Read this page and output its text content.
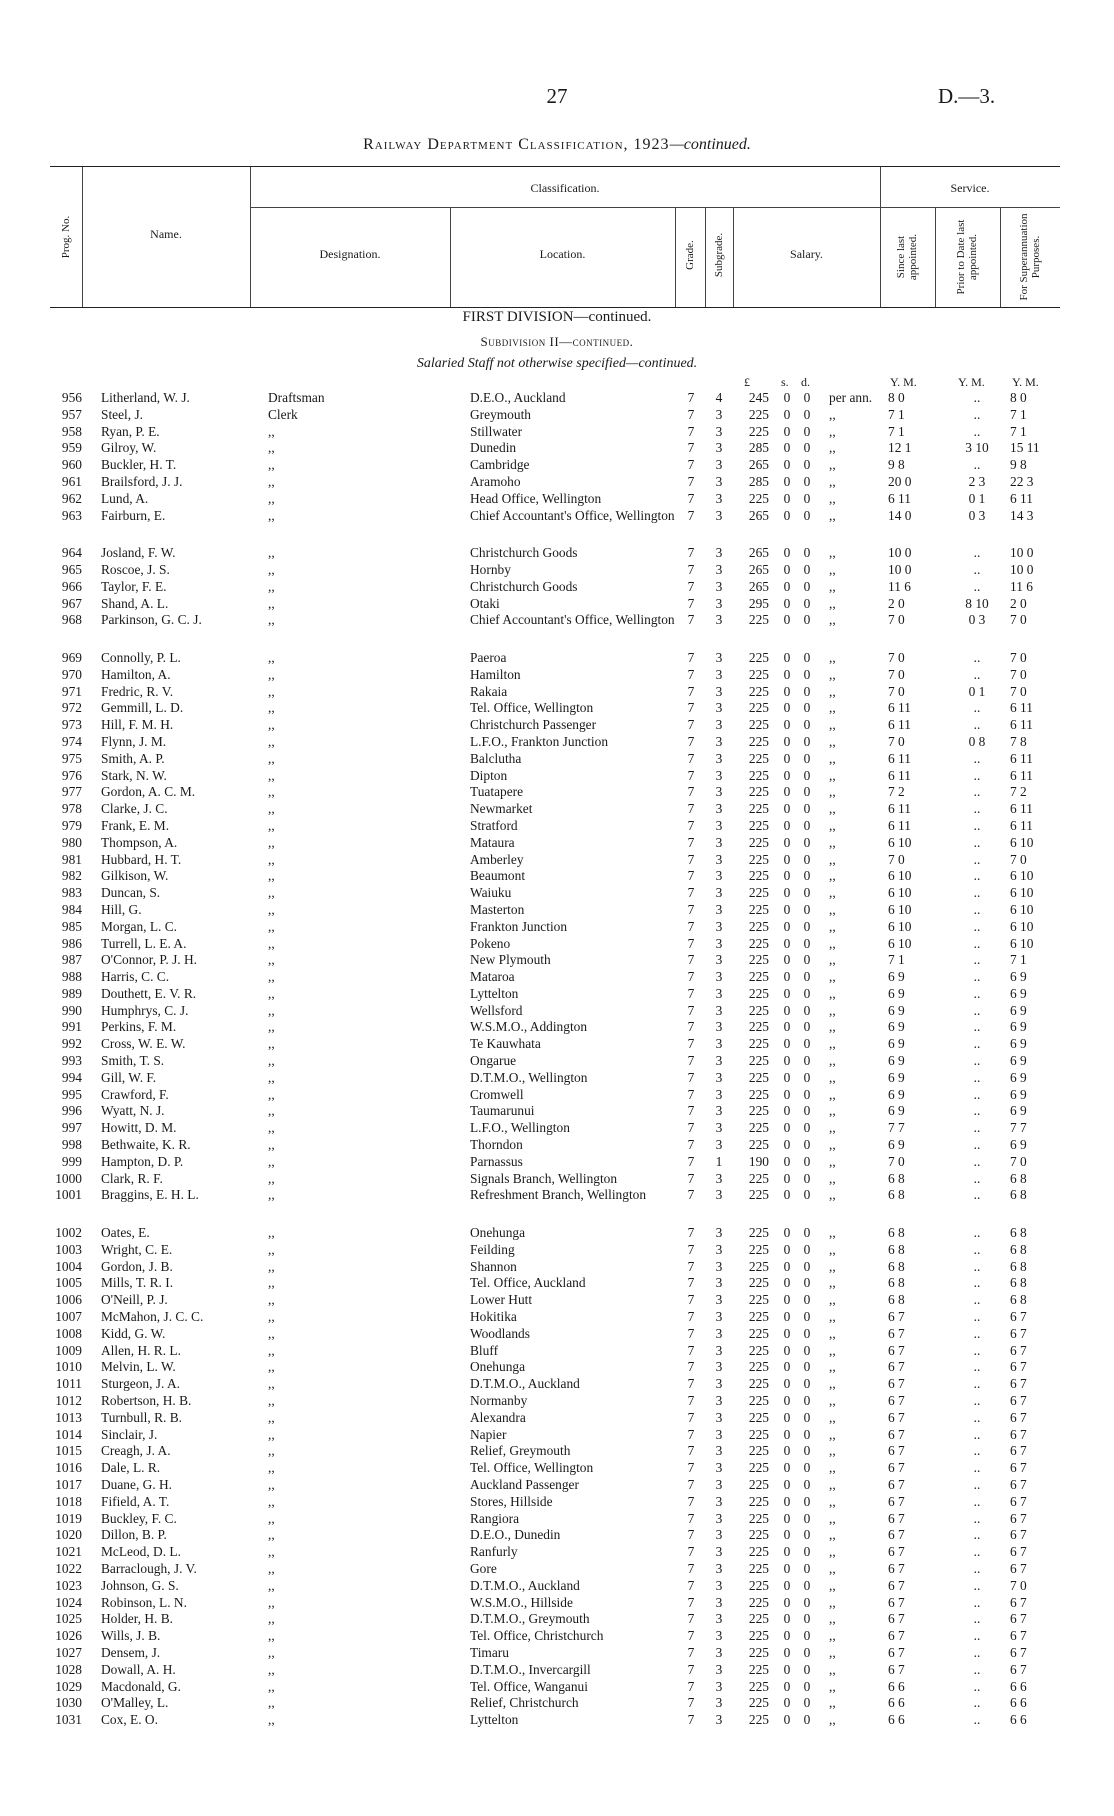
27	D.—3.
Railway Department Classification, 1923—continued.
Prog. No.	Name.
Classification.	Service.
Designation.	Location.	Grade. Subgrade.	Salary.	Since last appointed.	Prior to Date last appointed.	For Superannuation Purposes.
FIRST DIVISION—continued.
Subdivision II—continued.
Salaried Staff not otherwise specified—continued.
£	s. d.	Y. M.	Y. M. Y. M.
956 Litherland, W. J.	Draftsman	D.E.O., Auckland	7 4	245 0 0 per ann. 8 0	..	8 0
957 Steel, J.	Clerk	Greymouth	7 3	225 0 0 ,,	7 1	..	7 1
958 Ryan, P. E.	,,	Stillwater	7 3	225 0 0 ,,	7 1	..	7 1
959 Gilroy, W.	,,	Dunedin	7 3	285 0 0 ,,	12 1	3 10	15 11
960 Buckler, H. T.	,,	Cambridge	7 3	265 0 0 ,,	9 8	..	9 8
961 Brailsford, J. J.	,,	Aramoho	7 3	285 0 0 ,,	20 0	2 3	22 3
962 Lund, A.	,,	Head Office, Wellington	7 3	225 0 0 ,,	6 11	0 1	6 11
963 Fairburn, E.	,,	Chief Accountant's Office, Wellington 7 3	265 0 0 ,,	14 0	0 3	14 3
964 Josland, F. W.	,,	Christchurch Goods	7 3	265 0 0 ,,	10 0	..	10 0
965 Roscoe, J. S.	,,	Hornby	7 3	265 0 0 ,,	10 0	..	10 0
966 Taylor, F. E.	,,	Christchurch Goods	7 3	265 0 0 ,,	11 6	..	11 6
967 Shand, A. L.	,,	Otaki	7 3	295 0 0 ,,	2 0	8 10	2 0
968 Parkinson, G. C. J.	,,	Chief Accountant's Office, Wellington 7 3	225 0 0 ,,	7 0	0 3	7 0
969 Connolly, P. L.	,,	Paeroa	7 3	225 0 0 ,,	7 0	..	7 0
970 Hamilton, A.	,,	Hamilton	7 3	225 0 0 ,,	7 0	..	7 0
971 Fredric, R. V.	,,	Rakaia	7 3	225 0 0 ,,	7 0	0 1	7 0
972 Gemmill, L. D.	,,	Tel. Office, Wellington	7 3	225 0 0 ,,	6 11	..	6 11
973 Hill, F. M. H.	,,	Christchurch Passenger	7 3	225 0 0 ,,	6 11	..	6 11
974 Flynn, J. M.	,,	L.F.O., Frankton Junction	7 3	225 0 0 ,,	7 0	0 8	7 8
975 Smith, A. P.	,,	Balclutha	7 3	225 0 0 ,,	6 11	..	6 11
976 Stark, N. W.	,,	Dipton	7 3	225 0 0 ,,	6 11	..	6 11
977 Gordon, A. C. M.	,,	Tuatapere	7 3	225 0 0 ,,	7 2	..	7 2
978 Clarke, J. C.	,,	Newmarket	7 3	225 0 0 ,,	6 11	..	6 11
979 Frank, E. M.	,,	Stratford	7 3	225 0 0 ,,	6 11	..	6 11
980 Thompson, A.	,,	Mataura	7 3	225 0 0 ,,	6 10	..	6 10
981 Hubbard, H. T.	,,	Amberley	7 3	225 0 0 ,,	7 0	..	7 0
982 Gilkison, W.	,,	Beaumont	7 3	225 0 0 ,,	6 10	..	6 10
983 Duncan, S.	,,	Waiuku	7 3	225 0 0 ,,	6 10	..	6 10
984 Hill, G.	,,	Masterton	7 3	225 0 0 ,,	6 10	..	6 10
985 Morgan, L. C.	,,	Frankton Junction	7 3	225 0 0 ,,	6 10	..	6 10
986 Turrell, L. E. A.	,,	Pokeno	7 3	225 0 0 ,,	6 10	..	6 10
987 O'Connor, P. J. H.	,,	New Plymouth	7 3	225 0 0 ,,	7 1	..	7 1
988 Harris, C. C.	,,	Mataroa	7 3	225 0 0 ,,	6 9	..	6 9
989 Douthett, E. V. R.	,,	Lyttelton	7 3	225 0 0 ,,	6 9	..	6 9
990 Humphrys, C. J.	,,	Wellsford	7 3	225 0 0 ,,	6 9	..	6 9
991 Perkins, F. M.	,,	W.S.M.O., Addington	7 3	225 0 0 ,,	6 9	..	6 9
992 Cross, W. E. W.	,,	Te Kauwhata	7 3	225 0 0 ,,	6 9	..	6 9
993 Smith, T. S.	,,	Ongarue	7 3	225 0 0 ,,	6 9	..	6 9
994 Gill, W. F.	,,	D.T.M.O., Wellington	7 3	225 0 0 ,,	6 9	..	6 9
995 Crawford, F.	,,	Cromwell	7 3	225 0 0 ,,	6 9	..	6 9
996 Wyatt, N. J.	,,	Taumarunui	7 3	225 0 0 ,,	6 9	..	6 9
997 Howitt, D. M.	,,	L.F.O., Wellington	7 3	225 0 0 ,,	7 7	..	7 7
998 Bethwaite, K. R.	,,	Thorndon	7 3	225 0 0 ,,	6 9	..	6 9
999 Hampton, D. P.	,,	Parnassus	7 1	190 0 0 ,,	7 0	..	7 0
1000 Clark, R. F.	,,	Signals Branch, Wellington	7 3	225 0 0 ,,	6 8	..	6 8
1001 Braggins, E. H. L.	,,	Refreshment Branch, Wellington	7 3	225 0 0 ,,	6 8	..	6 8
1002 Oates, E.	,,	Onehunga	7 3	225 0 0 ,,	6 8	..	6 8
1003 Wright, C. E.	,,	Feilding	7 3	225 0 0 ,,	6 8	..	6 8
1004 Gordon, J. B.	,,	Shannon	7 3	225 0 0 ,,	6 8	..	6 8
1005 Mills, T. R. I.	,,	Tel. Office, Auckland	7 3	225 0 0 ,,	6 8	..	6 8
1006 O'Neill, P. J.	,,	Lower Hutt	7 3	225 0 0 ,,	6 8	..	6 8
1007 McMahon, J. C. C.	,,	Hokitika	7 3	225 0 0 ,,	6 7	..	6 7
1008 Kidd, G. W.	,,	Woodlands	7 3	225 0 0 ,,	6 7	..	6 7
1009 Allen, H. R. L.	,,	Bluff	7 3	225 0 0 ,,	6 7	..	6 7
1010 Melvin, L. W.	,,	Onehunga	7 3	225 0 0 ,,	6 7	..	6 7
1011 Sturgeon, J. A.	,,	D.T.M.O., Auckland	7 3	225 0 0 ,,	6 7	..	6 7
1012 Robertson, H. B.	,,	Normanby	7 3	225 0 0 ,,	6 7	..	6 7
1013 Turnbull, R. B.	,,	Alexandra	7 3	225 0 0 ,,	6 7	..	6 7
1014 Sinclair, J.	,,	Napier	7 3	225 0 0 ,,	6 7	..	6 7
1015 Creagh, J. A.	,,	Relief, Greymouth	7 3	225 0 0 ,,	6 7	..	6 7
1016 Dale, L. R.	,,	Tel. Office, Wellington	7 3	225 0 0 ,,	6 7	..	6 7
1017 Duane, G. H.	,,	Auckland Passenger	7 3	225 0 0 ,,	6 7	..	6 7
1018 Fifield, A. T.	,,	Stores, Hillside	7 3	225 0 0 ,,	6 7	..	6 7
1019 Buckley, F. C.	,,	Rangiora	7 3	225 0 0 ,,	6 7	..	6 7
1020 Dillon, B. P.	,,	D.E.O., Dunedin	7 3	225 0 0 ,,	6 7	..	6 7
1021 McLeod, D. L.	,,	Ranfurly	7 3	225 0 0 ,,	6 7	..	6 7
1022 Barraclough, J. V.	,,	Gore	7 3	225 0 0 ,,	6 7	..	6 7
1023 Johnson, G. S.	,,	D.T.M.O., Auckland	7 3	225 0 0 ,,	6 7	..	7 0
1024 Robinson, L. N.	,,	W.S.M.O., Hillside	7 3	225 0 0 ,,	6 7	..	6 7
1025 Holder, H. B.	,,	D.T.M.O., Greymouth	7 3	225 0 0 ,,	6 7	..	6 7
1026 Wills, J. B.	,,	Tel. Office, Christchurch	7 3	225 0 0 ,,	6 7	..	6 7
1027 Densem, J.	,,	Timaru	7 3	225 0 0 ,,	6 7	..	6 7
1028 Dowall, A. H.	,,	D.T.M.O., Invercargill	7 3	225 0 0 ,,	6 7	..	6 7
1029 Macdonald, G.	,,	Tel. Office, Wanganui	7 3	225 0 0 ,,	6 6	..	6 6
1030 O'Malley, L.	,,	Relief, Christchurch	7 3	225 0 0 ,,	6 6	..	6 6
1031 Cox, E. O.	,,	Lyttelton	7 3	225 0 0 ,,	6 6	..	6 6
